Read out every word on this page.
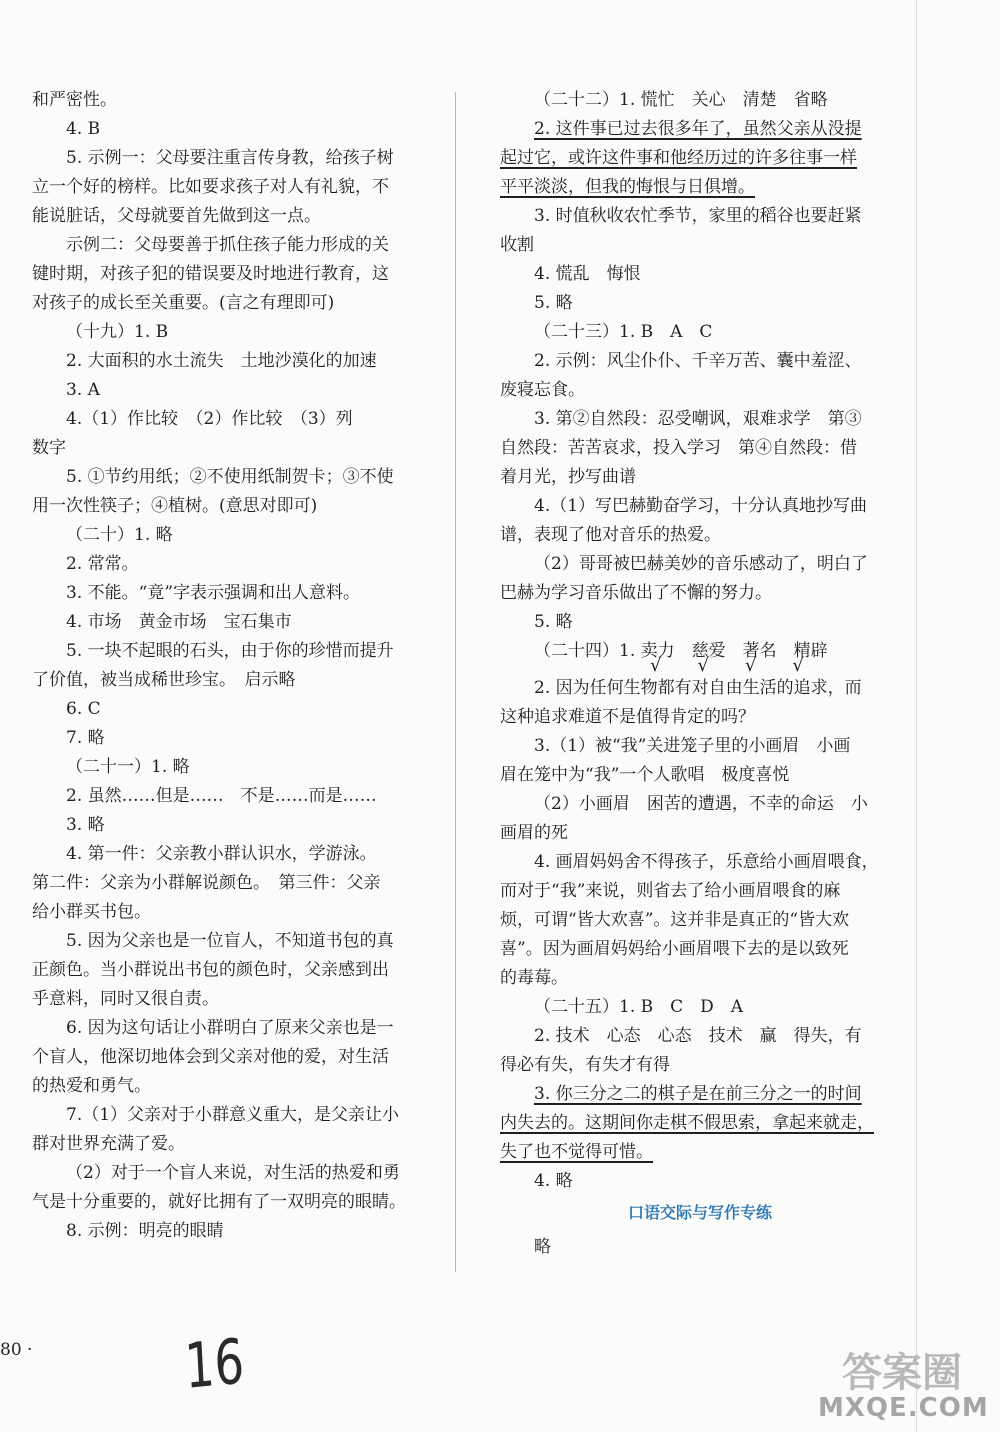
和严密性。
4. B
5. 示例一：父母要注重言传身教，给孩子树
立一个好的榜样。比如要求孩子对人有礼貌，不
能说脏话，父母就要首先做到这一点。
示例二：父母要善于抓住孩子能力形成的关
键时期，对孩子犯的错误要及时地进行教育，这
对孩子的成长至关重要。(言之有理即可)
（十九）1. B
2. 大面积的水土流失　土地沙漠化的加速
3. A
4.（1）作比较　（2）作比较　（3）列
数字
5. ①节约用纸；②不使用纸制贺卡；③不使
用一次性筷子；④植树。(意思对即可)
（二十）1. 略
2. 常常。
3. 不能。“竟”字表示强调和出人意料。
4. 市场　黄金市场　宝石集市
5. 一块不起眼的石头，由于你的珍惜而提升
了价值，被当成稀世珍宝。　启示略
6. C
7. 略
（二十一）1. 略
2. 虽然……但是……　不是……而是……
3. 略
4. 第一件：父亲教小群认识水，学游泳。
第二件：父亲为小群解说颜色。　第三件：父亲
给小群买书包。
5. 因为父亲也是一位盲人，不知道书包的真
正颜色。当小群说出书包的颜色时，父亲感到出
乎意料，同时又很自责。
6. 因为这句话让小群明白了原来父亲也是一
个盲人，他深切地体会到父亲对他的爱，对生活
的热爱和勇气。
7.（1）父亲对于小群意义重大，是父亲让小
群对世界充满了爱。
（2）对于一个盲人来说，对生活的热爱和勇
气是十分重要的，就好比拥有了一双明亮的眼睛。
8. 示例：明亮的眼睛
（二十二）1. 慌忙　关心　清楚　省略
2. 这件事已过去很多年了，虽然父亲从没提
起过它，或许这件事和他经历过的许多往事一样
平平淡淡，但我的悔恨与日俱增。
3. 时值秋收农忙季节，家里的稻谷也要赶紧
收割
4. 慌乱　悔恨
5. 略
（二十三）1. B　A　C
2. 示例：风尘仆仆、千辛万苦、囊中羞涩、
废寝忘食。
3. 第②自然段：忍受嘲讽，艰难求学　第③
自然段：苦苦哀求，投入学习　第④自然段：借
着月光，抄写曲谱
4.（1）写巴赫勤奋学习，十分认真地抄写曲
谱，表现了他对音乐的热爱。
（2）哥哥被巴赫美妙的音乐感动了，明白了
巴赫为学习音乐做出了不懈的努力。
5. 略
（二十四）1. 卖力　慈爱　著名　精辟
√√√√
2. 因为任何生物都有对自由生活的追求，而
这种追求难道不是值得肯定的吗？
3.（1）被“我”关进笼子里的小画眉　小画
眉在笼中为“我”一个人歌唱　极度喜悦
（2）小画眉　困苦的遭遇，不幸的命运　小
画眉的死
4. 画眉妈妈舍不得孩子，乐意给小画眉喂食，
而对于“我”来说，则省去了给小画眉喂食的麻
烦，可谓“皆大欢喜”。这并非是真正的“皆大欢
喜”。因为画眉妈妈给小画眉喂下去的是以致死
的毒莓。
（二十五）1. B　C　D　A
2. 技术　心态　心态　技术　赢　得失，有
得必有失，有失才有得
3. 你三分之二的棋子是在前三分之一的时间
内失去的。这期间你走棋不假思索，拿起来就走，
失了也不觉得可惜。
4. 略
口语交际与写作专练
略
80 · 16	答案圈
MXQE.COM
